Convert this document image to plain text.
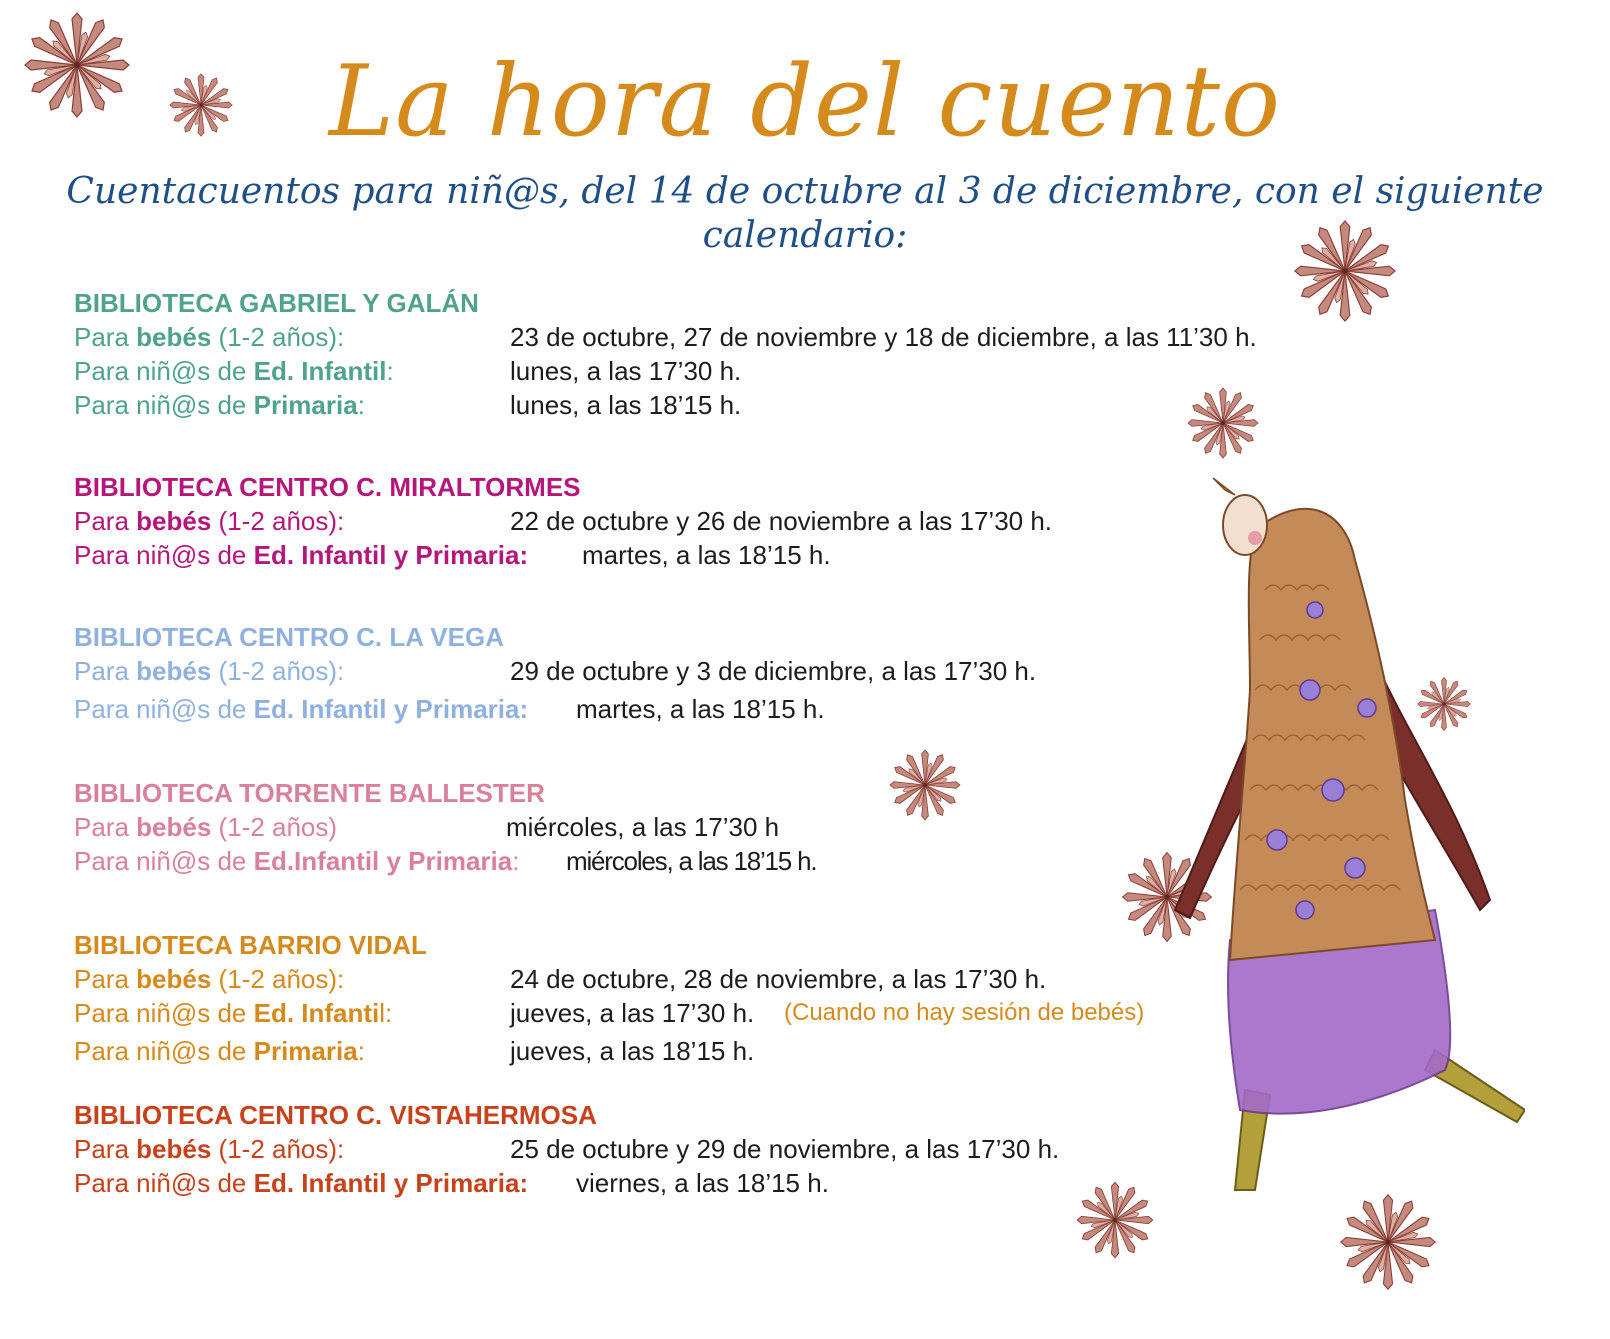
La hora del cuento
Cuentacuentos para niñ@s, del 14 de octubre al 3 de diciembre, con el siguiente calendario:
BIBLIOTECA GABRIEL Y GALÁN
Para bebés (1-2 años):	23 de octubre, 27 de noviembre y 18 de diciembre, a las 11’30 h.
Para niñ@s de Ed. Infantil:	lunes, a las 17’30 h.
Para niñ@s de Primaria:	lunes, a las 18’15 h.
BIBLIOTECA CENTRO C. MIRALTORMES
Para bebés (1-2 años):	22 de octubre y 26 de noviembre a las 17’30 h.
Para niñ@s de Ed. Infantil y Primaria: martes, a las 18’15 h.
BIBLIOTECA CENTRO C. LA VEGA
Para bebés (1-2 años):	29 de octubre y 3 de diciembre, a las 17’30 h.
Para niñ@s de Ed. Infantil y Primaria: martes, a las 18’15 h.
BIBLIOTECA TORRENTE BALLESTER
Para bebés (1-2 años)	miércoles, a las 17’30 h
Para niñ@s de Ed.Infantil y Primaria: miércoles, a las 18’15 h.
BIBLIOTECA BARRIO VIDAL
Para bebés (1-2 años):	24 de octubre, 28 de noviembre, a las 17’30 h.
Para niñ@s de Ed. Infantil:	jueves, a las 17’30 h. (Cuando no hay sesión de bebés)
Para niñ@s de Primaria:	jueves, a las 18’15 h.
BIBLIOTECA CENTRO C. VISTAHERMOSA
Para bebés (1-2 años):	25 de octubre y 29 de noviembre, a las 17’30 h.
Para niñ@s de Ed. Infantil y Primaria: viernes, a las 18’15 h.
